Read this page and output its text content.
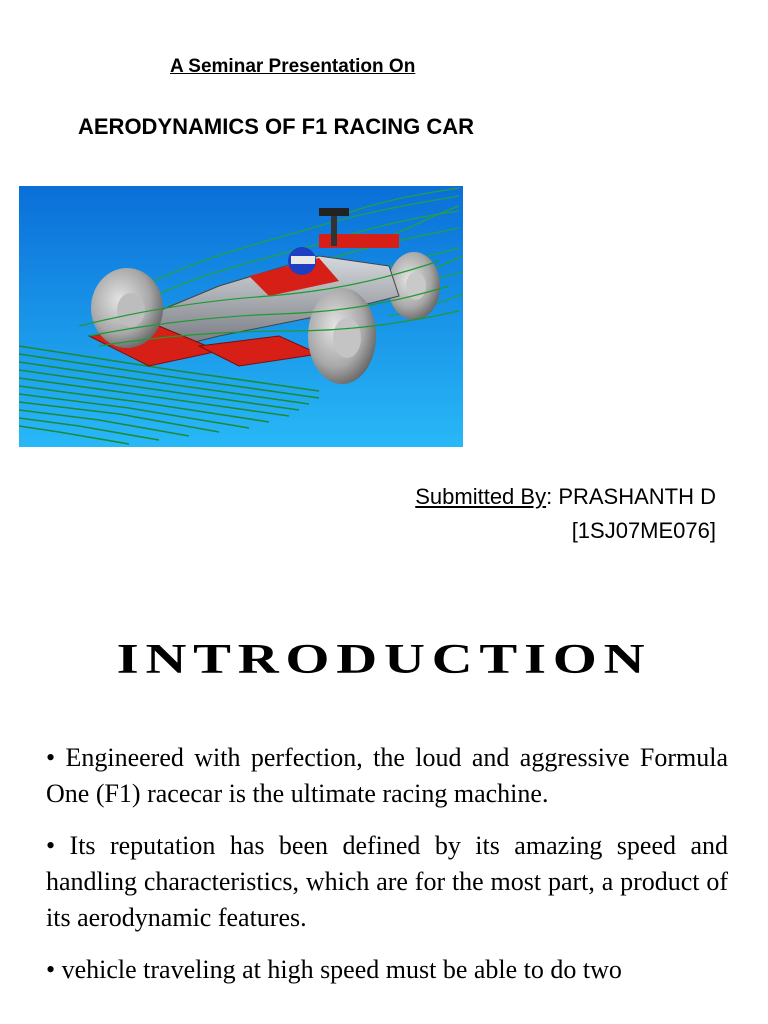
A Seminar Presentation On
AERODYNAMICS OF F1 RACING CAR
Submitted By: PRASHANTH D
[1SJ07ME076]
INTRODUCTION

• Engineered with perfection, the loud and aggressive Formula One (F1) racecar is the ultimate racing machine.

• Its reputation has been defined by its amazing speed and handling characteristics, which are for the most part, a product of its aerodynamic features.

• vehicle traveling at high speed must be able to do two
